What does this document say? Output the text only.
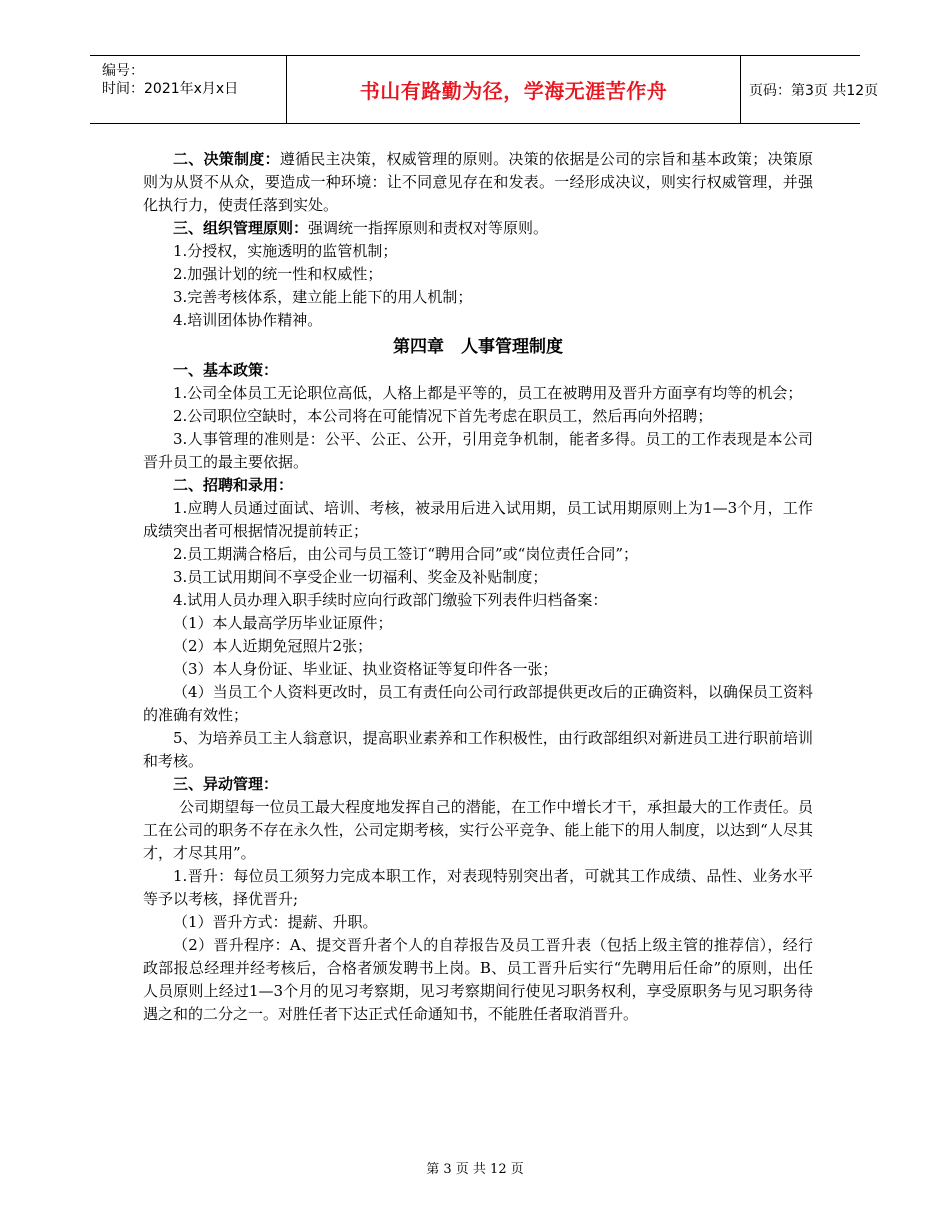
编号：
时间：2021年x月x日	书山有路勤为径，学海无涯苦作舟	页码：第3页 共12页

二、决策制度：遵循民主决策，权威管理的原则。决策的依据是公司的宗旨和基本政策；决策原则为从贤不从众，要造成一种环境：让不同意见存在和发表。一经形成决议，则实行权威管理，并强化执行力，使责任落到实处。

三、组织管理原则：强调统一指挥原则和责权对等原则。

1.分授权，实施透明的监管机制；

2.加强计划的统一性和权威性；

3.完善考核体系，建立能上能下的用人机制；

4.培训团体协作精神。

第四章　人事管理制度

一、基本政策：

1.公司全体员工无论职位高低，人格上都是平等的，员工在被聘用及晋升方面享有均等的机会；

2.公司职位空缺时，本公司将在可能情况下首先考虑在职员工，然后再向外招聘；

3.人事管理的准则是：公平、公正、公开，引用竞争机制，能者多得。员工的工作表现是本公司晋升员工的最主要依据。

二、招聘和录用：

1.应聘人员通过面试、培训、考核，被录用后进入试用期，员工试用期原则上为1—3个月，工作成绩突出者可根据情况提前转正；

2.员工期满合格后，由公司与员工签订“聘用合同”或“岗位责任合同”；

3.员工试用期间不享受企业一切福利、奖金及补贴制度；

4.试用人员办理入职手续时应向行政部门缴验下列表件归档备案：

（1）本人最高学历毕业证原件；

（2）本人近期免冠照片2张；

（3）本人身份证、毕业证、执业资格证等复印件各一张；

（4）当员工个人资料更改时，员工有责任向公司行政部提供更改后的正确资料，以确保员工资料的准确有效性；

5、为培养员工主人翁意识，提高职业素养和工作积极性，由行政部组织对新进员工进行职前培训和考核。

三、异动管理：

公司期望每一位员工最大程度地发挥自己的潜能，在工作中增长才干，承担最大的工作责任。员工在公司的职务不存在永久性，公司定期考核，实行公平竞争、能上能下的用人制度，以达到“人尽其才，才尽其用”。

1.晋升：每位员工须努力完成本职工作，对表现特别突出者，可就其工作成绩、品性、业务水平等予以考核，择优晋升;

（1）晋升方式：提薪、升职。

（2）晋升程序：A、提交晋升者个人的自荐报告及员工晋升表（包括上级主管的推荐信），经行政部报总经理并经考核后，合格者颁发聘书上岗。B、员工晋升后实行“先聘用后任命”的原则，出任人员原则上经过1—3个月的见习考察期，见习考察期间行使见习职务权利，享受原职务与见习职务待遇之和的二分之一。对胜任者下达正式任命通知书，不能胜任者取消晋升。

第 3 页 共 12 页
